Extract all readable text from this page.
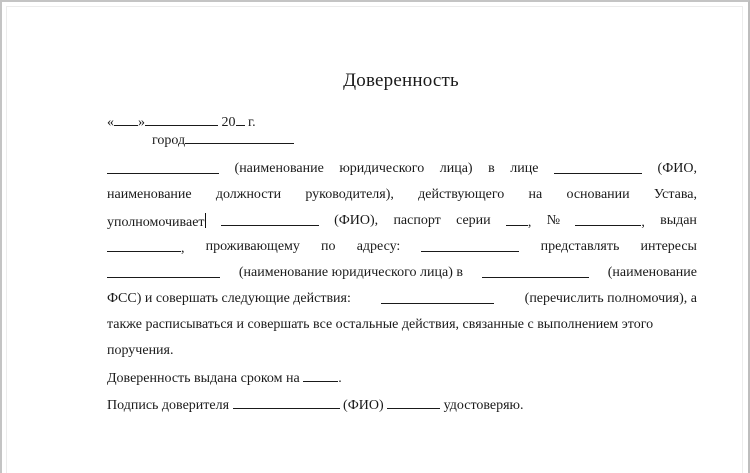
Доверенность
« »	20 г.
город
(наименование юридического лица) в лице	(ФИО,
наименование должности руководителя), действующего на основании Устава,
уполномочивает	(ФИО), паспорт серии	, №	, выдан
, проживающему по адресу:	представлять интересы
(наименование юридического лица) в	(наименование
ФСС) и совершать следующие действия:	(перечислить полномочия), а
также расписываться и совершать все остальные действия, связанные с выполнением этого
поручения.
Доверенность выдана сроком на	.
Подпись доверителя	(ФИО)	удостоверяю.
